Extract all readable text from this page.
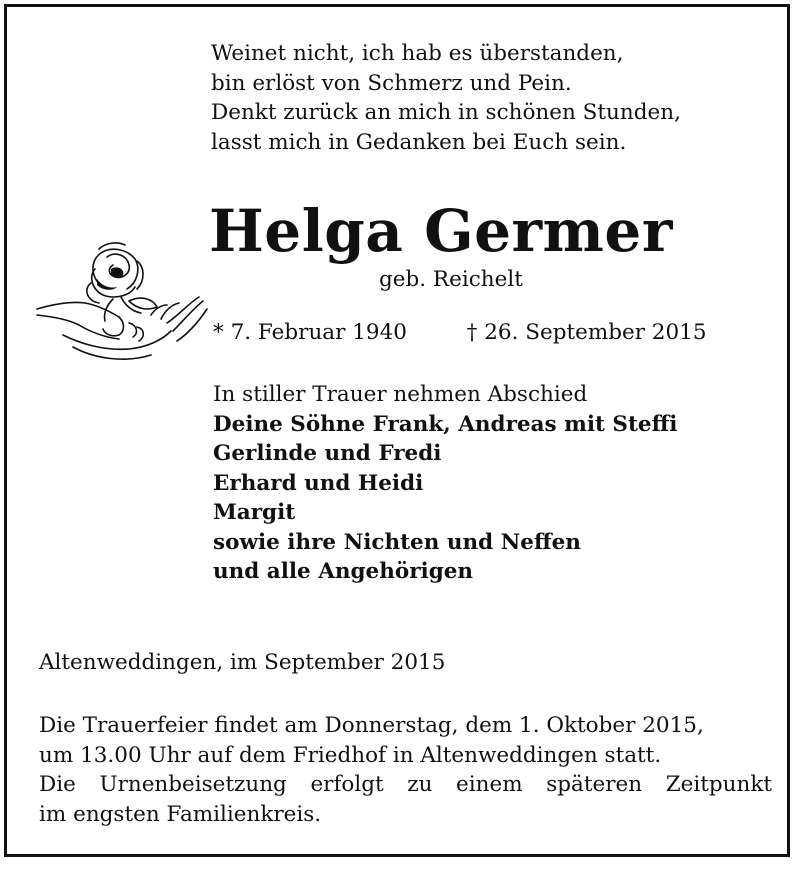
Weinet nicht, ich hab es überstanden,
bin erlöst von Schmerz und Pein.
Denkt zurück an mich in schönen Stunden,
lasst mich in Gedanken bei Euch sein.
Helga Germer
geb. Reichelt
* 7. Februar 1940	† 26. September 2015
In stiller Trauer nehmen Abschied
Deine Söhne Frank, Andreas mit Steffi
Gerlinde und Fredi
Erhard und Heidi
Margit
sowie ihre Nichten und Neffen
und alle Angehörigen
Altenweddingen, im September 2015
Die Trauerfeier findet am Donnerstag, dem 1. Oktober 2015,
um 13.00 Uhr auf dem Friedhof in Altenweddingen statt.
Die Urnenbeisetzung erfolgt zu einem späteren Zeitpunkt
im engsten Familienkreis.
